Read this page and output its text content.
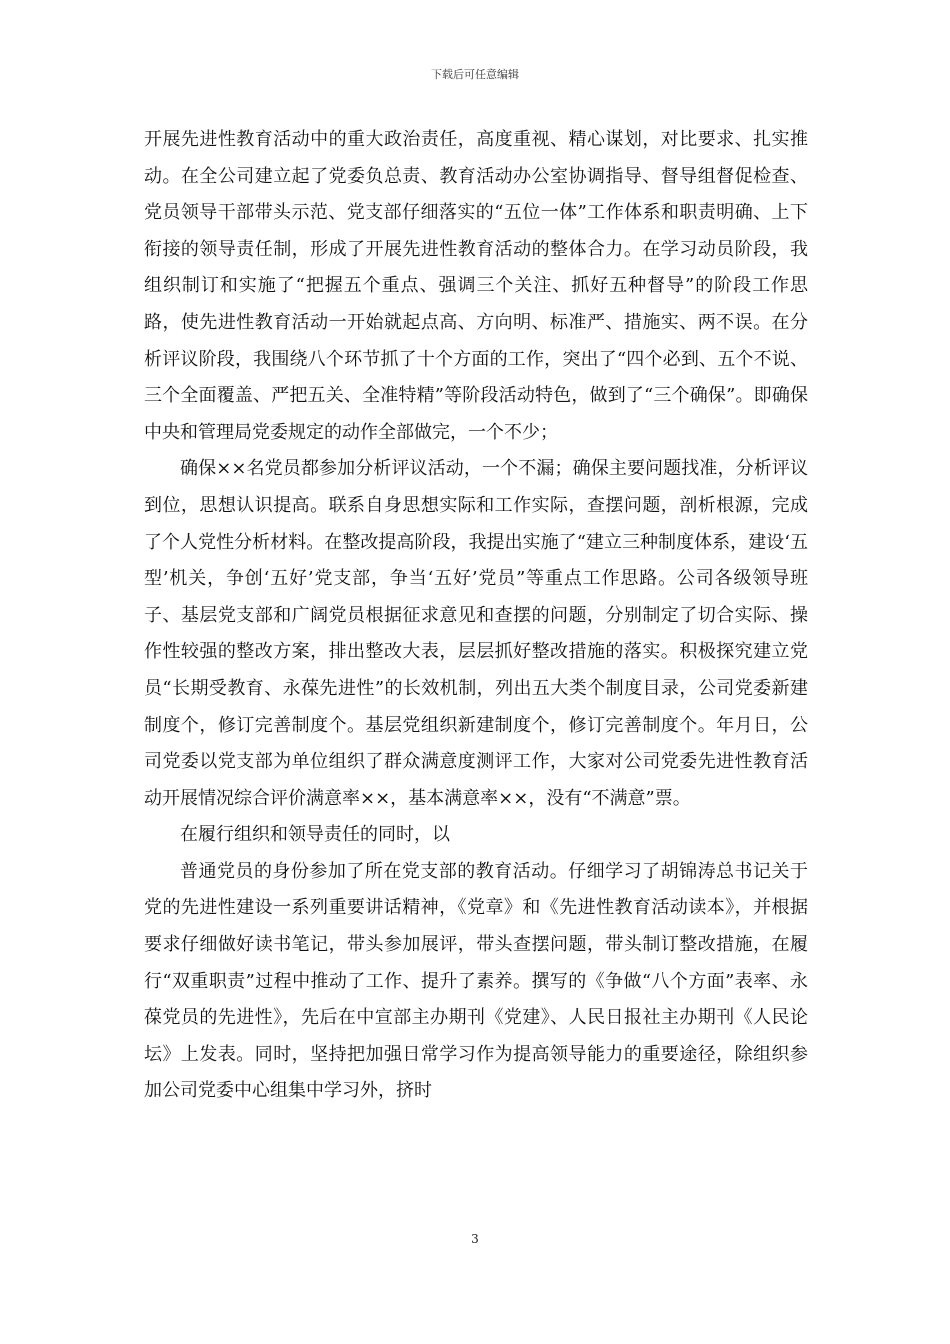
下载后可任意编辑

开展先进性教育活动中的重大政治责任，高度重视、精心谋划，对比要求、扎实推动。在全公司建立起了党委负总责、教育活动办公室协调指导、督导组督促检查、党员领导干部带头示范、党支部仔细落实的“五位一体”工作体系和职责明确、上下衔接的领导责任制，形成了开展先进性教育活动的整体合力。在学习动员阶段，我组织制订和实施了“把握五个重点、强调三个关注、抓好五种督导”的阶段工作思路，使先进性教育活动一开始就起点高、方向明、标准严、措施实、两不误。在分析评议阶段，我围绕八个环节抓了十个方面的工作，突出了“四个必到、五个不说、三个全面覆盖、严把五关、全准特精”等阶段活动特色，做到了“三个确保”。即确保中央和管理局党委规定的动作全部做完，一个不少；

确保××名党员都参加分析评议活动，一个不漏；确保主要问题找准，分析评议到位，思想认识提高。联系自身思想实际和工作实际，查摆问题，剖析根源，完成了个人党性分析材料。在整改提高阶段，我提出实施了“建立三种制度体系，建设‘五型’机关，争创‘五好’党支部，争当‘五好’党员”等重点工作思路。公司各级领导班子、基层党支部和广阔党员根据征求意见和查摆的问题，分别制定了切合实际、操作性较强的整改方案，排出整改大表，层层抓好整改措施的落实。积极探究建立党员“长期受教育、永葆先进性”的长效机制，列出五大类个制度目录，公司党委新建制度个，修订完善制度个。基层党组织新建制度个，修订完善制度个。年月日，公司党委以党支部为单位组织了群众满意度测评工作，大家对公司党委先进性教育活动开展情况综合评价满意率××，基本满意率××，没有“不满意”票。

在履行组织和领导责任的同时，以

普通党员的身份参加了所在党支部的教育活动。仔细学习了胡锦涛总书记关于党的先进性建设一系列重要讲话精神，《党章》和《先进性教育活动读本》，并根据要求仔细做好读书笔记，带头参加展评，带头查摆问题，带头制订整改措施，在履行“双重职责”过程中推动了工作、提升了素养。撰写的《争做“八个方面”表率、永葆党员的先进性》，先后在中宣部主办期刊《党建》、人民日报社主办期刊《人民论坛》上发表。同时，坚持把加强日常学习作为提高领导能力的重要途径，除组织参加公司党委中心组集中学习外，挤时

3
